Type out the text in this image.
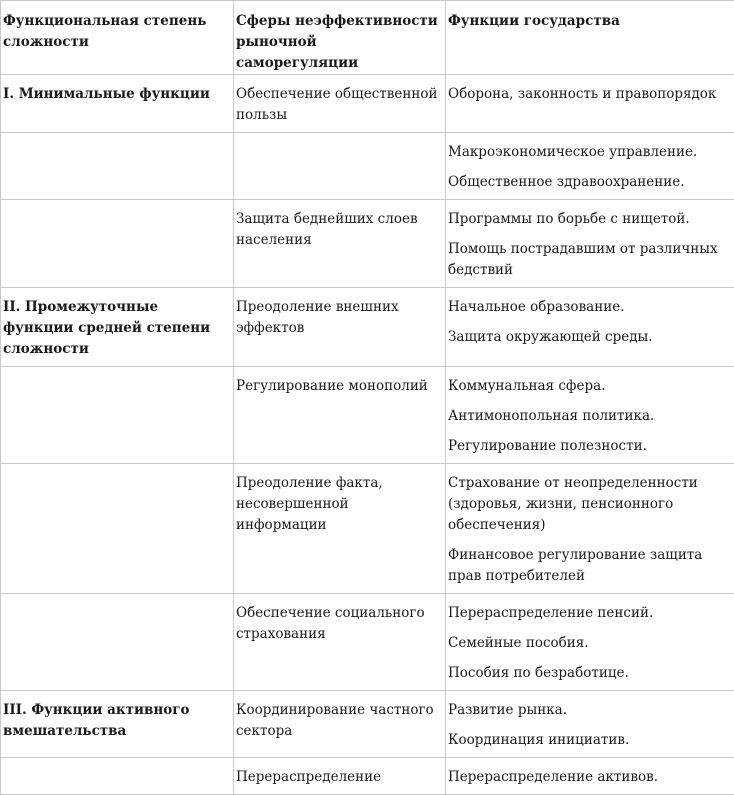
Функциональная степень сложности	Сферы неэффективности рыночной саморегуляции	Функции государства
I. Минимальные функции	Обеспечение общественной пользы	Оборона, законность и правопорядок

		Макроэкономическое управление.

Общественное здравоохранение.

	Защита беднейших слоев населения	Программы по борьбе с нищетой.

Помощь пострадавшим от различных бедствий

II. Промежуточные функции средней степени сложности	Преодоление внешних эффектов	Начальное образование.

Защита окружающей среды.

	Регулирование монополий	Коммунальная сфера.

Антимонопольная политика.

Регулирование полезности.

	Преодоление факта, несовершенной информации	Страхование от неопределенности (здоровья, жизни, пенсионного обеспечения)

Финансовое регулирование защита прав потребителей

	Обеспечение социального страхования	Перераспределение пенсий.

Семейные пособия.

Пособия по безработице.

III. Функции активного вмешательства	Координирование частного сектора	Развитие рынка.

Координация инициатив.

	Перераспределение	Перераспределение активов.
